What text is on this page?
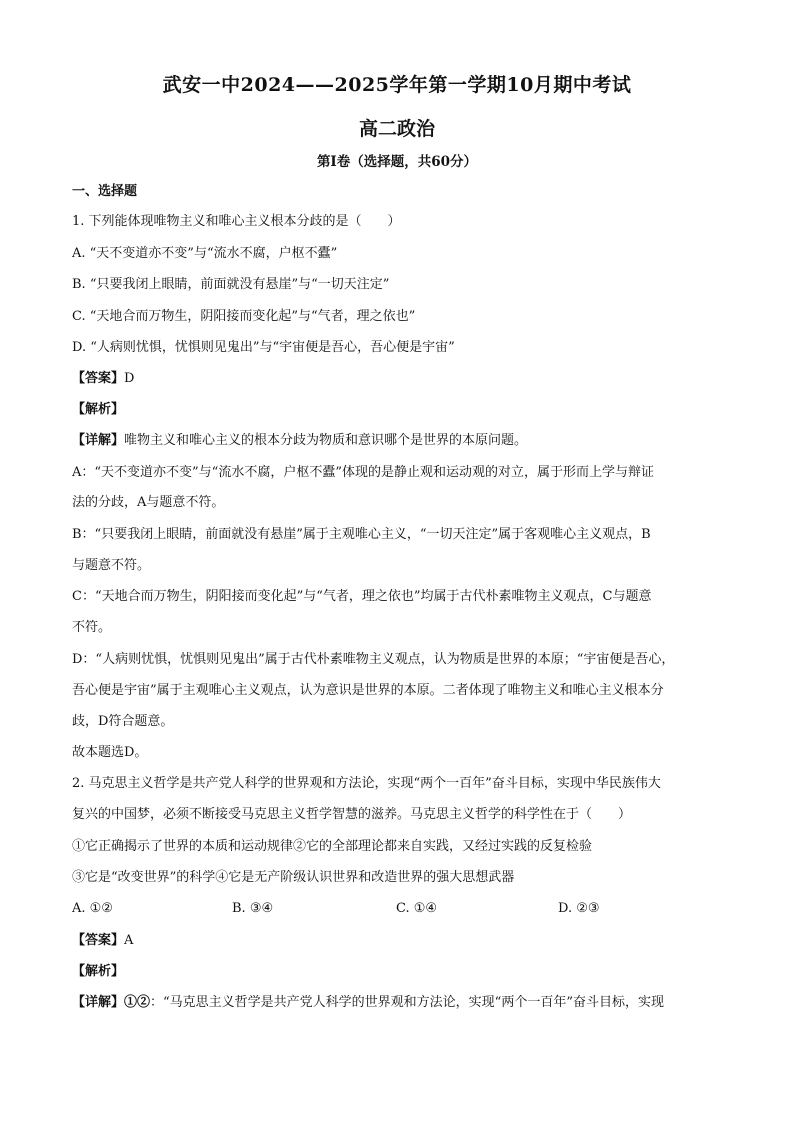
武安一中2024——2025学年第一学期10月期中考试
高二政治
第Ⅰ卷（选择题，共60分）
一、选择题
1. 下列能体现唯物主义和唯心主义根本分歧的是（　　）
A. “天不变道亦不变”与“流水不腐，户枢不蠹”
B. “只要我闭上眼睛，前面就没有悬崖”与“一切天注定”
C. “天地合而万物生，阴阳接而变化起”与“气者，理之依也”
D. “人病则忧惧，忧惧则见鬼出”与“宇宙便是吾心，吾心便是宇宙”
【答案】D
【解析】
【详解】唯物主义和唯心主义的根本分歧为物质和意识哪个是世界的本原问题。
A：“天不变道亦不变”与“流水不腐，户枢不蠹”体现的是静止观和运动观的对立，属于形而上学与辩证
法的分歧，A与题意不符。
B：“只要我闭上眼睛，前面就没有悬崖”属于主观唯心主义，“一切天注定”属于客观唯心主义观点，B
与题意不符。
C：“天地合而万物生，阴阳接而变化起”与“气者，理之依也”均属于古代朴素唯物主义观点，C与题意
不符。
D：“人病则忧惧，忧惧则见鬼出”属于古代朴素唯物主义观点，认为物质是世界的本原；“宇宙便是吾心，
吾心便是宇宙”属于主观唯心主义观点，认为意识是世界的本原。二者体现了唯物主义和唯心主义根本分
歧，D符合题意。
故本题选D。
2. 马克思主义哲学是共产党人科学的世界观和方法论，实现“两个一百年”奋斗目标，实现中华民族伟大
复兴的中国梦，必须不断接受马克思主义哲学智慧的滋养。马克思主义哲学的科学性在于（　　）
①它正确揭示了世界的本质和运动规律②它的全部理论都来自实践，又经过实践的反复检验
③它是“改变世界”的科学④它是无产阶级认识世界和改造世界的强大思想武器
A. ①②	B. ③④	C. ①④	D. ②③
【答案】A
【解析】
【详解】①②：“马克思主义哲学是共产党人科学的世界观和方法论，实现“两个一百年”奋斗目标，实现
